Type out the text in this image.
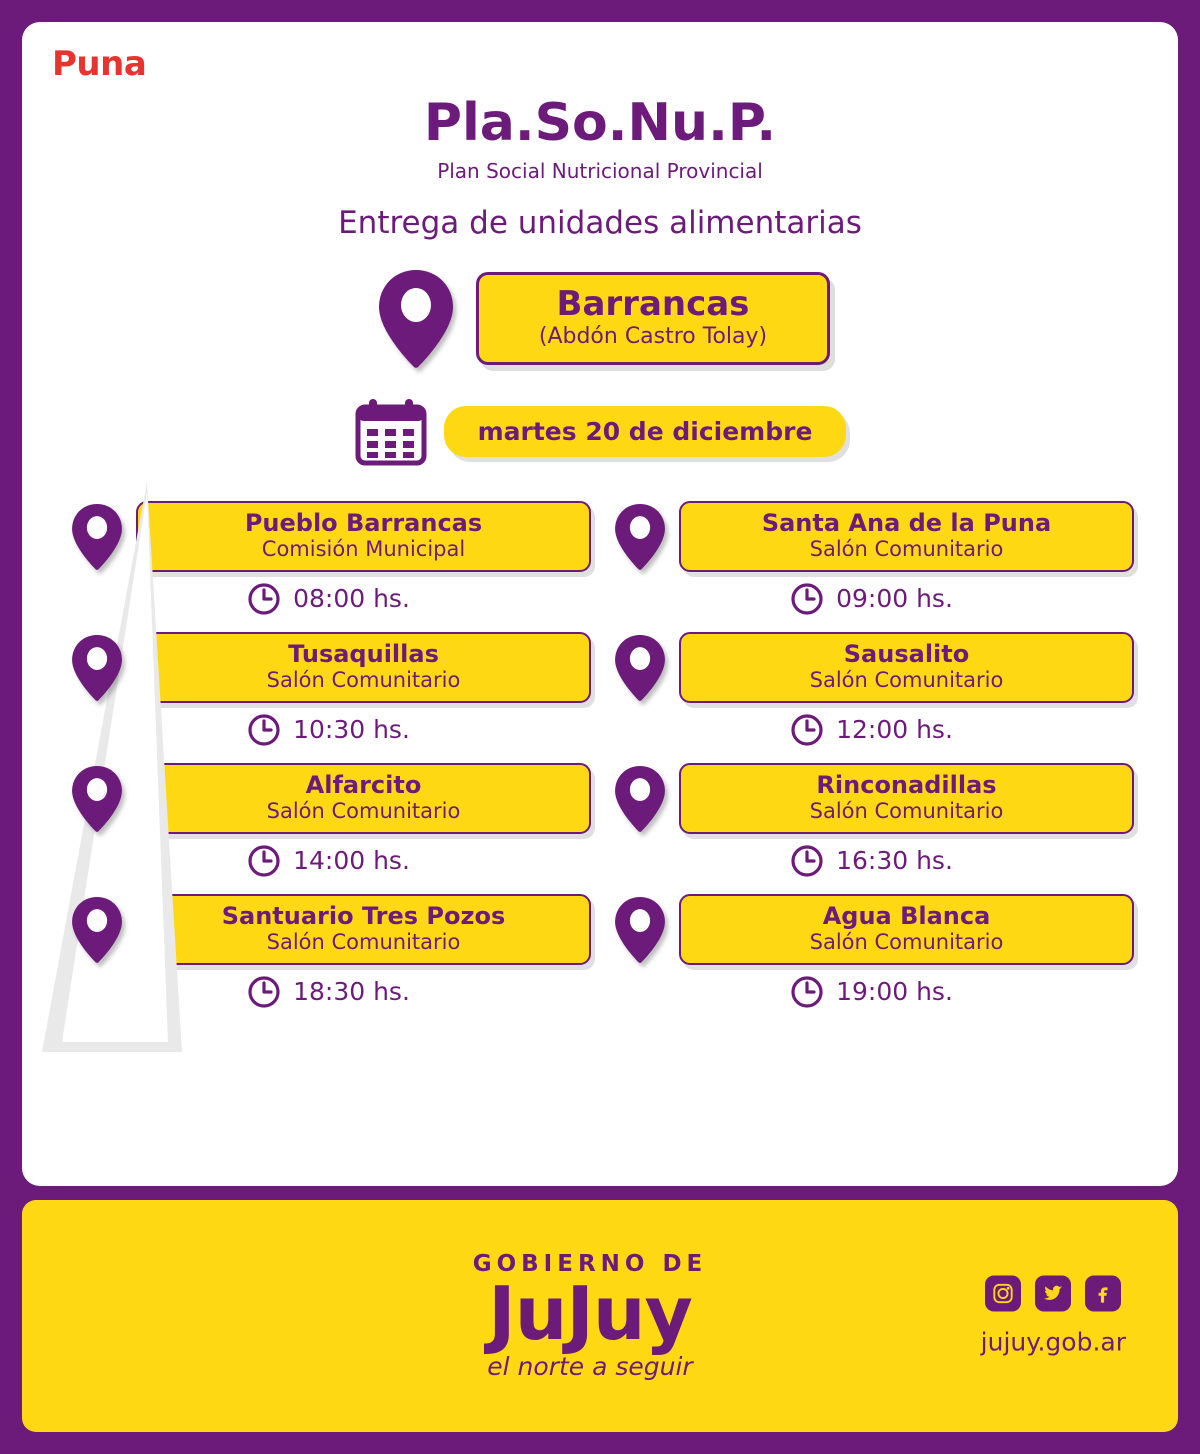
Puna
Pla.So.Nu.P.
Plan Social Nutricional Provincial
Entrega de unidades alimentarias
Barrancas
(Abdón Castro Tolay)
martes 20 de diciembre
Pueblo Barrancas
Comisión Municipal
08:00 hs.
Santa Ana de la Puna
Salón Comunitario
09:00 hs.
Tusaquillas
Salón Comunitario
10:30 hs.
Sausalito
Salón Comunitario
12:00 hs.
Alfarcito
Salón Comunitario
14:00 hs.
Rinconadillas
Salón Comunitario
16:30 hs.
Santuario Tres Pozos
Salón Comunitario
18:30 hs.
Agua Blanca
Salón Comunitario
19:00 hs.
GOBIERNO DE
JuJuy
el norte a seguir
jujuy.gob.ar
